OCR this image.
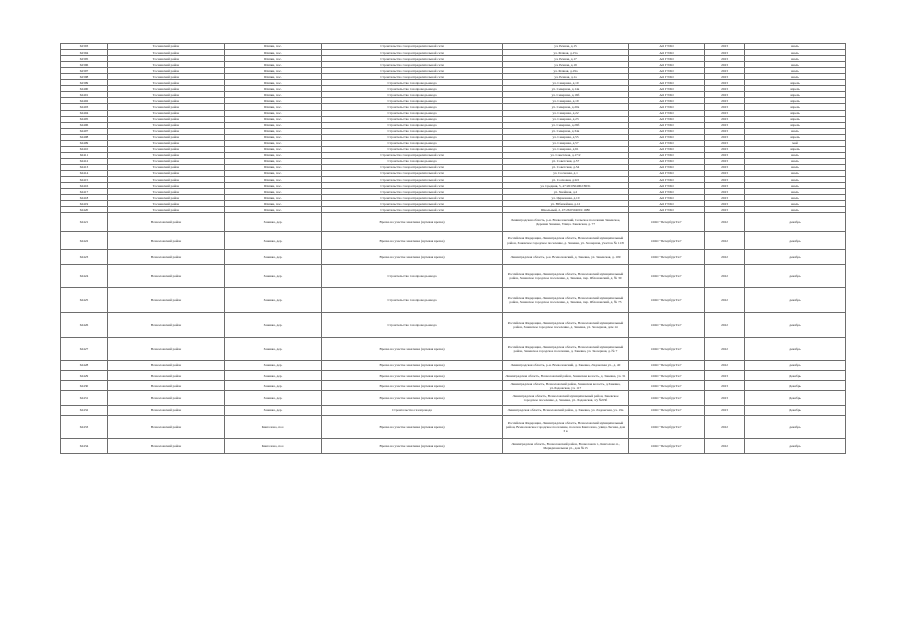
62393	Тосненский район	Шапки, пос.	Строительство газораспределительной сети	ул. Речная, д.15	АО ГТЛО	2023	июль
62394	Тосненский район	Шапки, пос.	Строительство газораспределительной сети	ул. Речная, д.15а	АО ГТЛО	2023	июль
62395	Тосненский район	Шапки, пос.	Строительство газораспределительной сети	ул. Речная, д.17	АО ГТЛО	2023	июль
62396	Тосненский район	Шапки, пос.	Строительство газораспределительной сети	ул. Речная, д.19	АО ГТЛО	2023	июль
62397	Тосненский район	Шапки, пос.	Строительство газораспределительной сети	ул. Речная, д.19а	АО ГТЛО	2023	июль
62398	Тосненский район	Шапки, пос.	Строительство газораспределительной сети	ул. Речная, д.1а	АО ГТЛО	2023	июль
62399	Тосненский район	Шапки, пос.	Строительство газопровода-ввода	ул. Северная, д.10	АО ГТЛО	2023	апрель
62400	Тосненский район	Шапки, пос.	Строительство газопровода-ввода	ул. Северная, д.14а	АО ГТЛО	2023	апрель
62401	Тосненский район	Шапки, пос.	Строительство газопровода-ввода	ул. Северная, д.16б	АО ГТЛО	2023	апрель
62402	Тосненский район	Шапки, пос.	Строительство газопровода-ввода	ул. Северная, д.19	АО ГТЛО	2023	апрель
62403	Тосненский район	Шапки, пос.	Строительство газопровода-ввода	ул. Северная, д.20а	АО ГТЛО	2023	апрель
62404	Тосненский район	Шапки, пос.	Строительство газопровода-ввода	ул. Северная, д.22	АО ГТЛО	2023	апрель
62405	Тосненский район	Шапки, пос.	Строительство газопровода-ввода	ул. Северная, д.23	АО ГТЛО	2023	апрель
62406	Тосненский район	Шапки, пос.	Строительство газопровода-ввода	ул. Северная, д.26б	АО ГТЛО	2023	апрель
62407	Тосненский район	Шапки, пос.	Строительство газопровода-ввода	ул. Северная, д.34а	АО ГТЛО	2023	июль
62408	Тосненский район	Шапки, пос.	Строительство газопровода-ввода	ул. Северная, д.55	АО ГТЛО	2023	апрель
62409	Тосненский район	Шапки, пос.	Строительство газопровода-ввода	ул. Северная, д.57	АО ГТЛО	2023	май
62410	Тосненский район	Шапки, пос.	Строительство газопровода-ввода	ул. Северная, д.61	АО ГТЛО	2023	апрель
62411	Тосненский район	Шапки, пос.	Строительство газораспределительной сети	ул. Советская, д.17/2	АО ГТЛО	2023	июль
62412	Тосненский район	Шапки, пос.	Строительство газопровода-ввода	ул. Советская, д.57	АО ГТЛО	2023	июль
62413	Тосненский район	Шапки, пос.	Строительство газораспределительной сети	ул. Советская, д.34	АО ГТЛО	2023	июль
62414	Тосненский район	Шапки, пос.	Строительство газораспределительной сети	ул. Сосновая, д.1	АО ГТЛО	2023	июль
62415	Тосненский район	Шапки, пос.	Строительство газораспределительной сети	ул. Сосновая, д.9/2	АО ГТЛО	2023	июль
62416	Тосненский район	Шапки, пос.	Строительство газораспределительной сети	ул. Средняя, 5, 47:26:0504002:8031	АО ГТЛО	2023	июль
62417	Тосненский район	Шапки, пос.	Строительство газораспределительной сети	ул. Хвойная, д.2	АО ГТЛО	2023	июль
62418	Тосненский район	Шапки, пос.	Строительство газораспределительной сети	ул. Церковная, д.10	АО ГТЛО	2023	июль
62419	Тосненский район	Шапки, пос.	Строительство газораспределительной сети	ул. Юбилейная, д.12	АО ГТЛО	2023	июль
62420	Тосненский район	Шапки, пос.	Строительство газораспределительной сети	Школьный, 2, 47:26:0504001:1980	АО ГТЛО	2023	июль
62421	Всеволожский район	Заневка, дер.	Врезка на участке заказчика (нулевая врезка)	Ленинградская область, р-н. Всеволожский, Сельское поселение Заневское, Деревня Заневка, Улица. Заневская, д. 77	ООО "ПетербургГаз"	2022	декабрь
62422	Всеволожский район	Заневка, дер.	Врезка на участке заказчика (нулевая врезка)	Российская Федерация, Ленинградская область, Всеволожский муниципальный район, Заневское городское поселение, д. Заневка, ул. Заозерная, участок № 11/8	ООО "ПетербургГаз"	2022	декабрь
62423	Всеволожский район	Заневка, дер.	Врезка на участке заказчика (нулевая врезка)	Ленинградская область, р-н. Всеволожский, д. Заневка, ул. Заневская, д. 109	ООО "ПетербургГаз"	2022	декабрь
62424	Всеволожский район	Заневка, дер.	Строительство газопровода-ввода	Российская Федерация, Ленинградская область, Всеволожский муниципальный район, Заневское городское поселение, д. Заневка, пер. Яблоновский, д. № 30	ООО "ПетербургГаз"	2022	декабрь
62425	Всеволожский район	Заневка, дер.	Строительство газопровода-ввода	Российская Федерация, Ленинградская область, Всеволожский муниципальный район, Заневское городское поселение, д. Заневка, пер. Яблоновский, д. № 73	ООО "ПетербургГаз"	2022	декабрь
62426	Всеволожский район	Заневка, дер.	Строительство газопровода-ввода	Российская Федерация, Ленинградская область, Всеволожский муниципальный район, Заневское городское поселение, д. Заневка, ул. Заозерная, дом 14	ООО "ПетербургГаз"	2022	декабрь
62427	Всеволожский район	Заневка, дер.	Врезка на участке заказчика (нулевая врезка)	Российская Федерация, Ленинградская область, Всеволожский муниципальный район, Заневское городское поселение, д. Заневка, ул. Заозерная, д. № 7	ООО "ПетербургГаз"	2022	декабрь
62428	Всеволожский район	Заневка, дер.	Врезка на участке заказчика (нулевая врезка)	Ленинградская область, р-н. Всеволожский, д. Заневка, Ладожская ул., д. 40	ООО "ПетербургГаз"	2022	декабрь
62429	Всеволожский район	Заневка, дер.	Врезка на участке заказчика (нулевая врезка)	Ленинградская область, Всеволожский район, Заневская волость, д. Заневка, уч. 31	ООО "ПетербургГаз"	2023	Декабрь
62430	Всеволожский район	Заневка, дер.	Врезка на участке заказчика (нулевая врезка)	Ленинградская область, Всеволожский район, Заневская волость, д.Заневка, ул.Ладожская, уч. 117	ООО "ПетербургГаз"	2023	Декабрь
62431	Всеволожский район	Заневка, дер.	Врезка на участке заказчика (нулевая врезка)	Ленинградская область, Всеволожский муниципальный район, Заневское городское поселение, д. Заневка, ул. Ладожская, з/у №93б	ООО "ПетербургГаз"	2023	Декабрь
62432	Всеволожский район	Заневка, дер.	Строительство газопровода	Ленинградская область, Всеволожский район, д. Заневка, ул. Ладожская, уч. 19а	ООО "ПетербургГаз"	2023	Декабрь
62433	Всеволожский район	Кавголово, пос.	Врезка на участке заказчика (нулевая врезка)	Российская Федерация, Ленинградская область, Всеволожский муниципальный район, Всеволожское городское поселение, поселок Кавголово, улица Лесная, дом 3 в	ООО "ПетербургГаз"	2022	декабрь
62434	Всеволожский район	Кавголово, пос.	Врезка на участке заказчика (нулевая врезка)	Ленинградская область, Всеволожский район, Всеволожск г., Кавголово п., Меридиональная ул., дом №15	ООО "ПетербургГаз"	2022	декабрь
